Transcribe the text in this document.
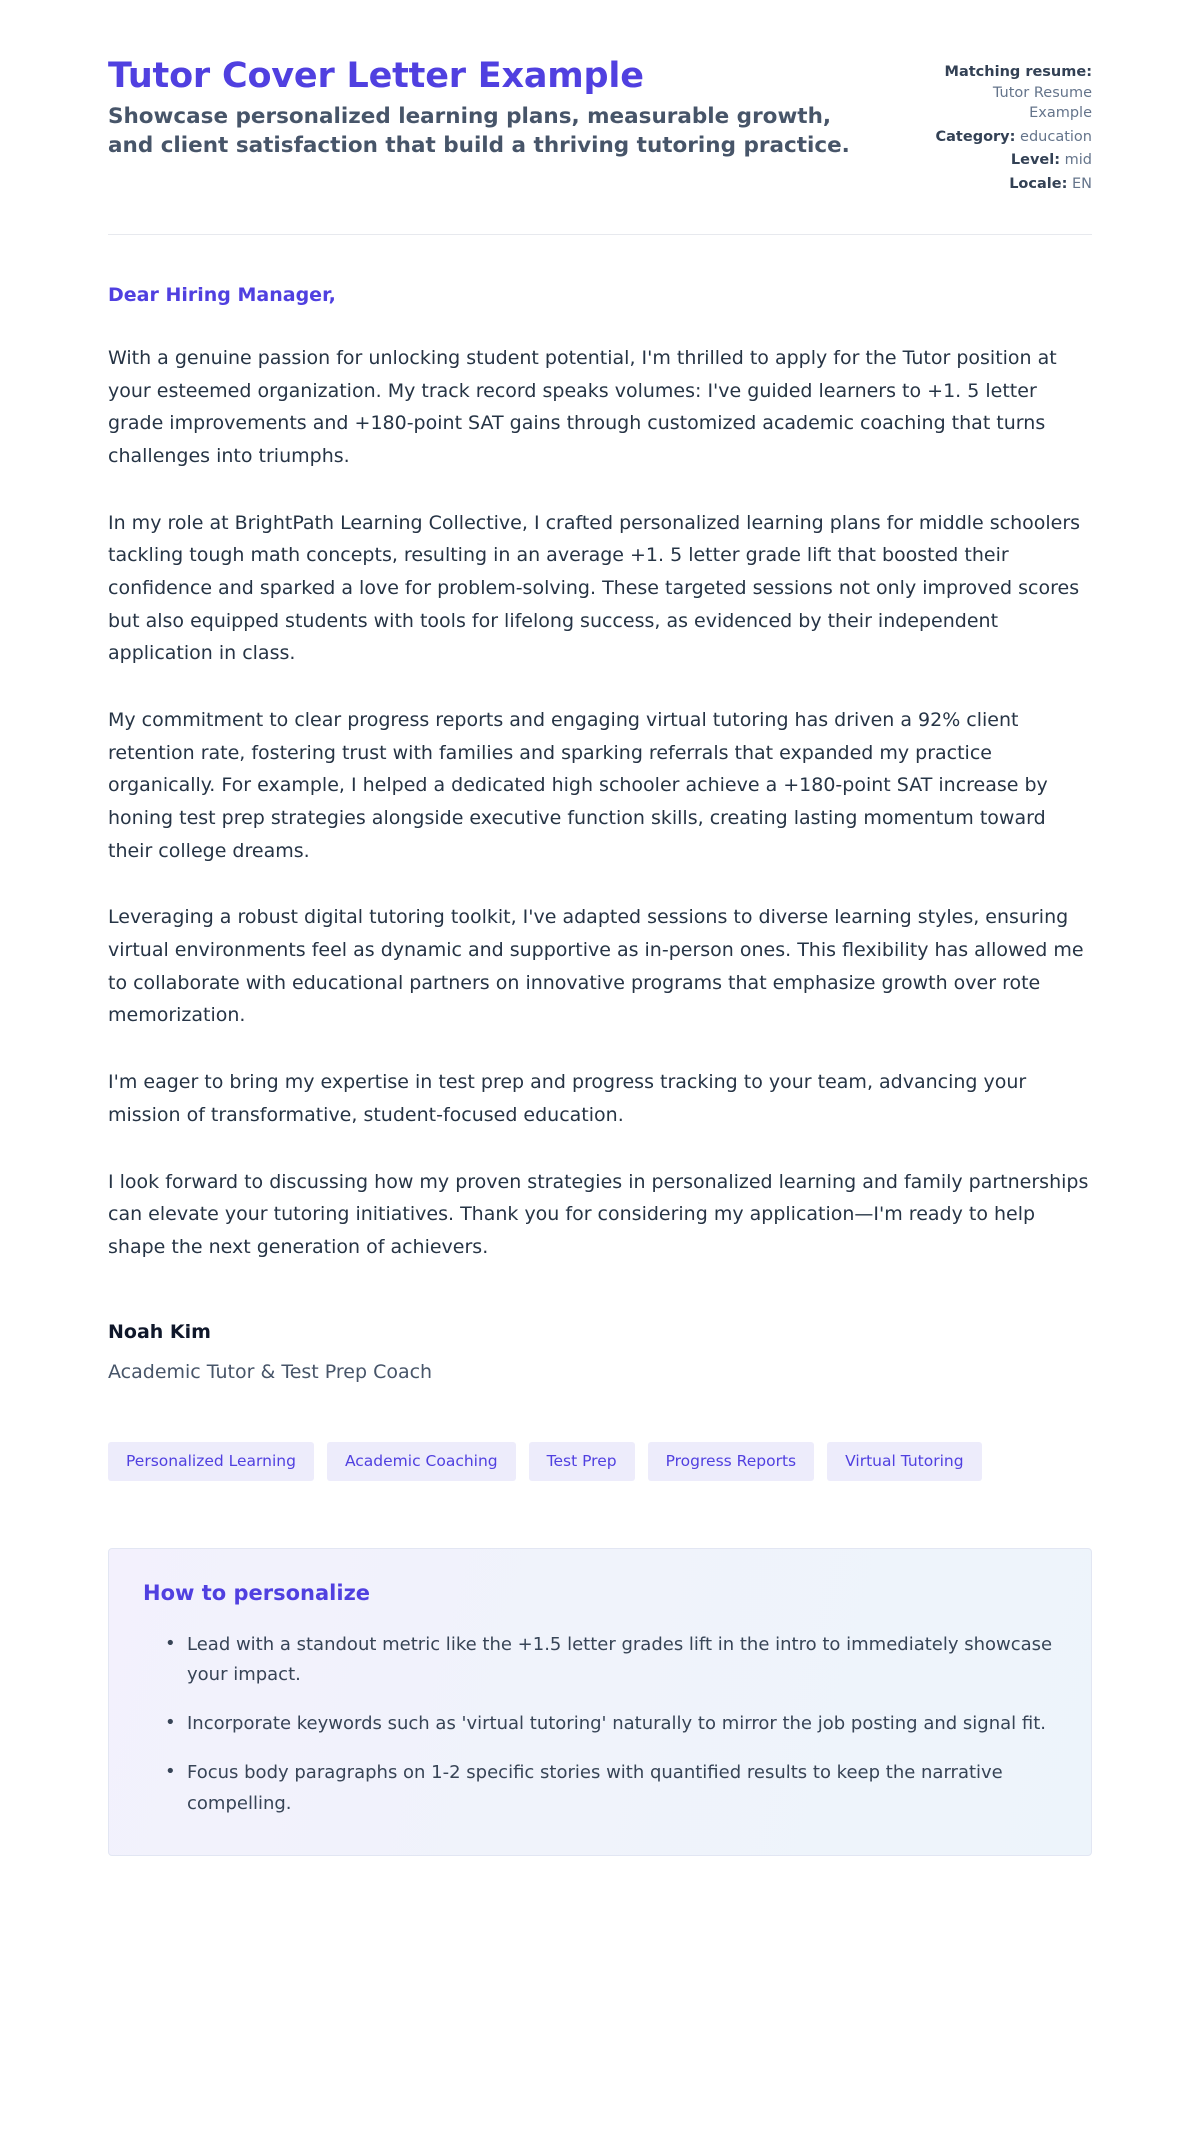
Tutor Cover Letter Example

Showcase personalized learning plans, measurable growth, and client satisfaction that build a thriving tutoring practice.

Matching resume: Tutor Resume Example
Category: education
Level: mid
Locale: EN

Dear Hiring Manager,

With a genuine passion for unlocking student potential, I'm thrilled to apply for the Tutor position at your esteemed organization. My track record speaks volumes: I've guided learners to +1. 5 letter grade improvements and +180-point SAT gains through customized academic coaching that turns challenges into triumphs.

In my role at BrightPath Learning Collective, I crafted personalized learning plans for middle schoolers tackling tough math concepts, resulting in an average +1. 5 letter grade lift that boosted their confidence and sparked a love for problem-solving. These targeted sessions not only improved scores but also equipped students with tools for lifelong success, as evidenced by their independent application in class.

My commitment to clear progress reports and engaging virtual tutoring has driven a 92% client retention rate, fostering trust with families and sparking referrals that expanded my practice organically. For example, I helped a dedicated high schooler achieve a +180-point SAT increase by honing test prep strategies alongside executive function skills, creating lasting momentum toward their college dreams.

Leveraging a robust digital tutoring toolkit, I've adapted sessions to diverse learning styles, ensuring virtual environments feel as dynamic and supportive as in-person ones. This flexibility has allowed me to collaborate with educational partners on innovative programs that emphasize growth over rote memorization.

I'm eager to bring my expertise in test prep and progress tracking to your team, advancing your mission of transformative, student-focused education.

I look forward to discussing how my proven strategies in personalized learning and family partnerships can elevate your tutoring initiatives. Thank you for considering my application—I'm ready to help shape the next generation of achievers.

Noah Kim

Academic Tutor & Test Prep Coach

Personalized Learning	Academic Coaching	Test Prep	Progress Reports	Virtual Tutoring
How to personalize
• Lead with a standout metric like the +1.5 letter grades lift in the intro to immediately showcase your impact.
• Incorporate keywords such as 'virtual tutoring' naturally to mirror the job posting and signal fit.
• Focus body paragraphs on 1-2 specific stories with quantified results to keep the narrative compelling.
